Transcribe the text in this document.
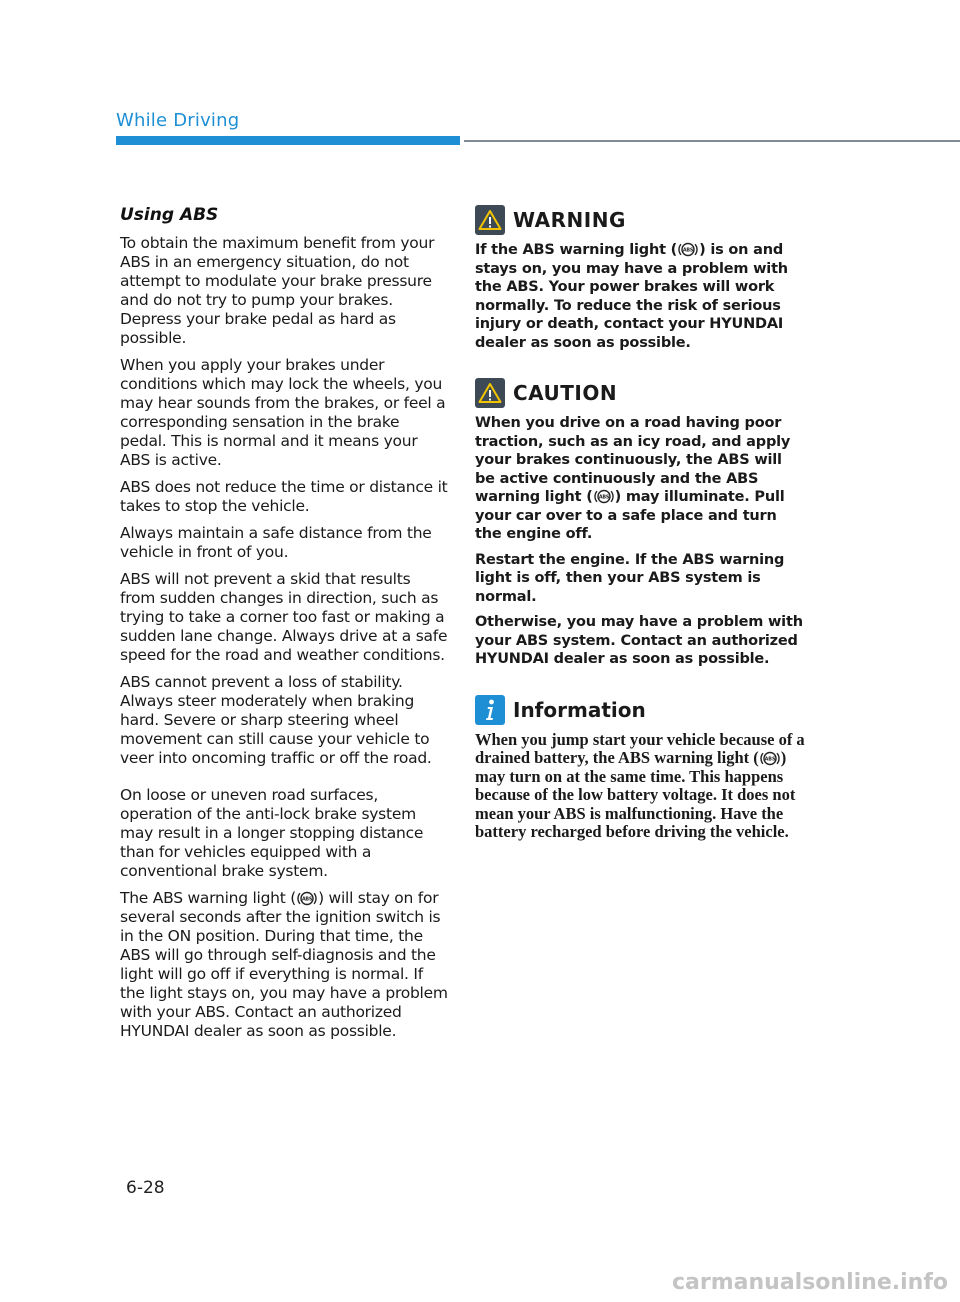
While Driving
Using ABS

To obtain the maximum benefit from your ABS in an emergency situation, do not attempt to modulate your brake pressure and do not try to pump your brakes. Depress your brake pedal as hard as possible.

When you apply your brakes under conditions which may lock the wheels, you may hear sounds from the brakes, or feel a corresponding sensation in the brake pedal. This is normal and it means your ABS is active.

ABS does not reduce the time or distance it takes to stop the vehicle.

Always maintain a safe distance from the vehicle in front of you.

ABS will not prevent a skid that results from sudden changes in direction, such as trying to take a corner too fast or making a sudden lane change. Always drive at a safe speed for the road and weather conditions.

ABS cannot prevent a loss of stability. Always steer moderately when braking hard. Severe or sharp steering wheel movement can still cause your vehicle to veer into oncoming traffic or off the road.

On loose or uneven road surfaces, operation of the anti-lock brake system may result in a longer stopping distance than for vehicles equipped with a conventional brake system.

The ABS warning light ( ABS ) will stay on for several seconds after the ignition switch is in the ON position. During that time, the ABS will go through self-diagnosis and the light will go off if everything is normal. If the light stays on, you may have a problem with your ABS. Contact an authorized HYUNDAI dealer as soon as possible.

WARNING

If the ABS warning light ( ABS ) is on and stays on, you may have a problem with the ABS. Your power brakes will work normally. To reduce the risk of serious injury or death, contact your HYUNDAI dealer as soon as possible.

CAUTION

When you drive on a road having poor traction, such as an icy road, and apply your brakes continuously, the ABS will be active continuously and the ABS warning light ( ABS ) may illuminate. Pull your car over to a safe place and turn the engine off.

Restart the engine. If the ABS warning light is off, then your ABS system is normal.

Otherwise, you may have a problem with your ABS system. Contact an authorized HYUNDAI dealer as soon as possible.

Information

When you jump start your vehicle because of a drained battery, the ABS warning light ( ABS ) may turn on at the same time. This happens because of the low battery voltage. It does not mean your ABS is malfunctioning. Have the battery recharged before driving the vehicle.

6-28
carmanualsonline.info
